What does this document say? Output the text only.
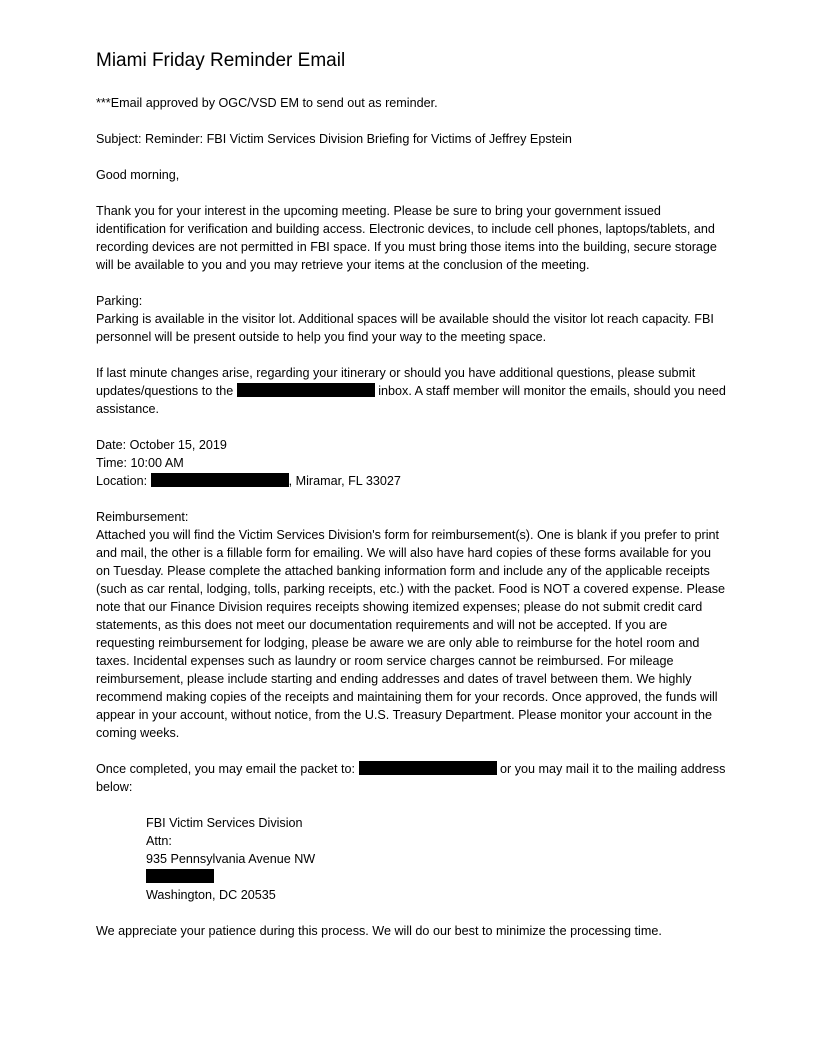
Miami Friday Reminder Email

***Email approved by OGC/VSD EM to send out as reminder.

Subject: Reminder: FBI Victim Services Division Briefing for Victims of Jeffrey Epstein

Good morning,

Thank you for your interest in the upcoming meeting. Please be sure to bring your government issued identification for verification and building access. Electronic devices, to include cell phones, laptops/tablets, and recording devices are not permitted in FBI space. If you must bring those items into the building, secure storage will be available to you and you may retrieve your items at the conclusion of the meeting.

Parking:
Parking is available in the visitor lot. Additional spaces will be available should the visitor lot reach capacity. FBI personnel will be present outside to help you find your way to the meeting space.

If last minute changes arise, regarding your itinerary or should you have additional questions, please submit updates/questions to the	inbox. A staff member will monitor the emails, should you need assistance.

Date: October 15, 2019
Time: 10:00 AM
Location:	, Miramar, FL 33027

Reimbursement:
Attached you will find the Victim Services Division's form for reimbursement(s). One is blank if you prefer to print and mail, the other is a fillable form for emailing. We will also have hard copies of these forms available for you on Tuesday. Please complete the attached banking information form and include any of the applicable receipts (such as car rental, lodging, tolls, parking receipts, etc.) with the packet. Food is NOT a covered expense. Please note that our Finance Division requires receipts showing itemized expenses; please do not submit credit card statements, as this does not meet our documentation requirements and will not be accepted. If you are requesting reimbursement for lodging, please be aware we are only able to reimburse for the hotel room and taxes. Incidental expenses such as laundry or room service charges cannot be reimbursed. For mileage reimbursement, please include starting and ending addresses and dates of travel between them. We highly recommend making copies of the receipts and maintaining them for your records. Once approved, the funds will appear in your account, without notice, from the U.S. Treasury Department. Please monitor your account in the coming weeks.

Once completed, you may email the packet to:	or you may mail it to the mailing address below:

FBI Victim Services Division
Attn:
935 Pennsylvania Avenue NW
Washington, DC 20535

We appreciate your patience during this process. We will do our best to minimize the processing time.
